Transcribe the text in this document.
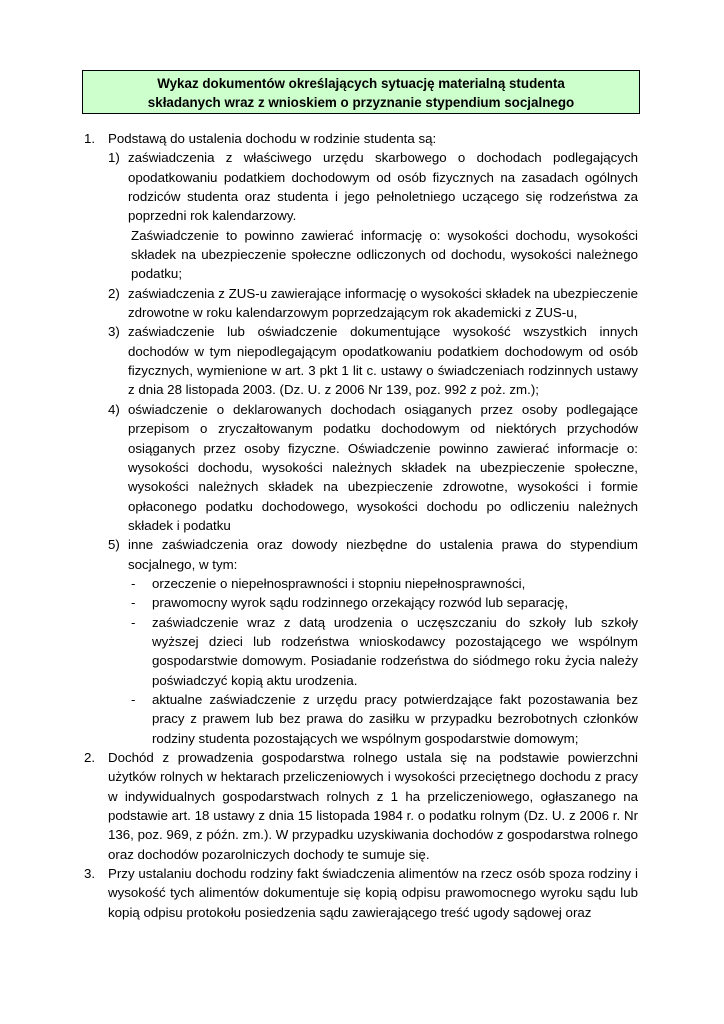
Wykaz dokumentów określających sytuację materialną studenta
składanych wraz z wnioskiem o przyznanie stypendium socjalnego
1. Podstawą do ustalenia dochodu w rodzinie studenta są:
1) zaświadczenia z właściwego urzędu skarbowego o dochodach podlegających opodatkowaniu podatkiem dochodowym od osób fizycznych na zasadach ogólnych rodziców studenta oraz studenta i jego pełnoletniego uczącego się rodzeństwa za poprzedni rok kalendarzowy.
Zaświadczenie to powinno zawierać informację o: wysokości dochodu, wysokości składek na ubezpieczenie społeczne odliczonych od dochodu, wysokości należnego podatku;
2) zaświadczenia z ZUS-u zawierające informację o wysokości składek na ubezpieczenie zdrowotne w roku kalendarzowym poprzedzającym rok akademicki z ZUS-u,
3) zaświadczenie lub oświadczenie dokumentujące wysokość wszystkich innych dochodów w tym niepodlegającym opodatkowaniu podatkiem dochodowym od osób fizycznych, wymienione w art. 3 pkt 1 lit c. ustawy o świadczeniach rodzinnych ustawy z dnia 28 listopada 2003. (Dz. U. z 2006 Nr 139, poz. 992 z poż. zm.);
4) oświadczenie o deklarowanych dochodach osiąganych przez osoby podlegające przepisom o zryczałtowanym podatku dochodowym od niektórych przychodów osiąganych przez osoby fizyczne. Oświadczenie powinno zawierać informacje o: wysokości dochodu, wysokości należnych składek na ubezpieczenie społeczne, wysokości należnych składek na ubezpieczenie zdrowotne, wysokości i formie opłaconego podatku dochodowego, wysokości dochodu po odliczeniu należnych składek i podatku
5) inne zaświadczenia oraz dowody niezbędne do ustalenia prawa do stypendium socjalnego, w tym:
- orzeczenie o niepełnosprawności i stopniu niepełnosprawności,
- prawomocny wyrok sądu rodzinnego orzekający rozwód lub separację,
- zaświadczenie wraz z datą urodzenia o uczęszczaniu do szkoły lub szkoły wyższej dzieci lub rodzeństwa wnioskodawcy pozostającego we wspólnym gospodarstwie domowym. Posiadanie rodzeństwa do siódmego roku życia należy poświadczyć kopią aktu urodzenia.
- aktualne zaświadczenie z urzędu pracy potwierdzające fakt pozostawania bez pracy z prawem lub bez prawa do zasiłku w przypadku bezrobotnych członków rodziny studenta pozostających we wspólnym gospodarstwie domowym;
2. Dochód z prowadzenia gospodarstwa rolnego ustala się na podstawie powierzchni użytków rolnych w hektarach przeliczeniowych i wysokości przeciętnego dochodu z pracy w indywidualnych gospodarstwach rolnych z 1 ha przeliczeniowego, ogłaszanego na podstawie art. 18 ustawy z dnia 15 listopada 1984 r. o podatku rolnym (Dz. U. z 2006 r. Nr 136, poz. 969, z późn. zm.). W przypadku uzyskiwania dochodów z gospodarstwa rolnego oraz dochodów pozarolniczych dochody te sumuje się.
3. Przy ustalaniu dochodu rodziny fakt świadczenia alimentów na rzecz osób spoza rodziny i wysokość tych alimentów dokumentuje się kopią odpisu prawomocnego wyroku sądu lub kopią odpisu protokołu posiedzenia sądu zawierającego treść ugody sądowej oraz
